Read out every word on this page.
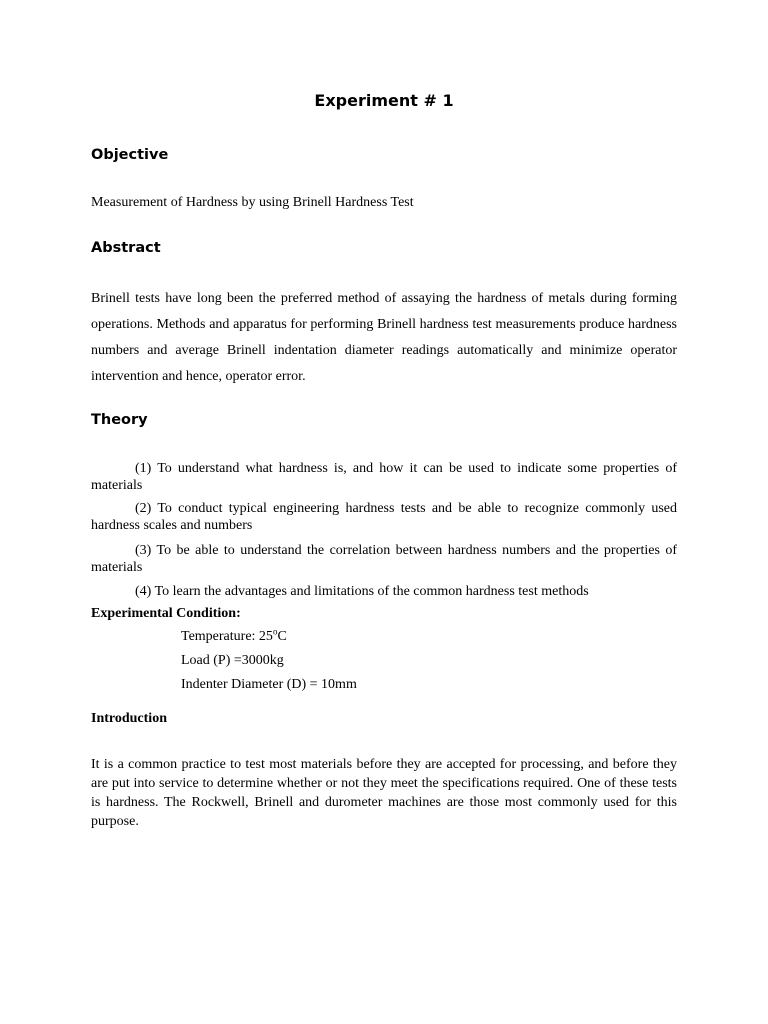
Experiment # 1
Objective
Measurement of Hardness by using Brinell Hardness Test
Abstract
Brinell tests have long been the preferred method of assaying the hardness of metals during forming operations. Methods and apparatus for performing Brinell hardness test measurements produce hardness numbers and average Brinell indentation diameter readings automatically and minimize operator intervention and hence, operator error.
Theory
(1) To understand what hardness is, and how it can be used to indicate some properties of materials
(2) To conduct typical engineering hardness tests and be able to recognize commonly used hardness scales and numbers
(3) To be able to understand the correlation between hardness numbers and the properties of materials
(4) To learn the advantages and limitations of the common hardness test methods
Experimental Condition:
Temperature: 25$^o$C
Load (P) =3000kg
Indenter Diameter (D) = 10mm
Introduction
It is a common practice to test most materials before they are accepted for processing, and before they are put into service to determine whether or not they meet the specifications required. One of these tests is hardness. The Rockwell, Brinell and durometer machines are those most commonly used for this purpose.
